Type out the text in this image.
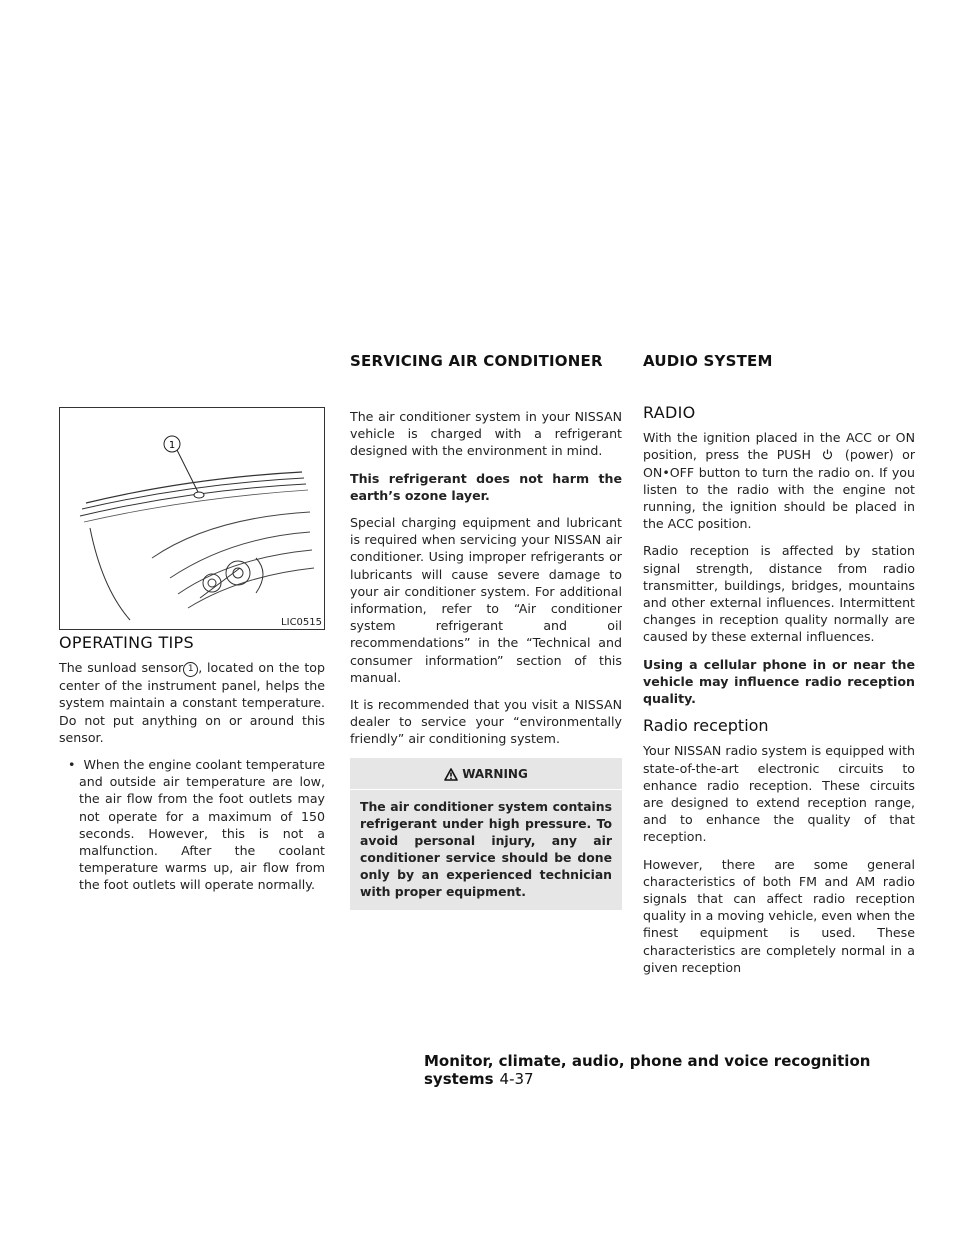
SERVICING AIR CONDITIONER	AUDIO SYSTEM
1
LIC0515
OPERATING TIPS

The sunload sensor 1 , located on the top center of the instrument panel, helps the system maintain a constant temperature. Do not put anything on or around this sensor.

•  When the engine coolant temperature and outside air temperature are low, the air flow from the foot outlets may not operate for a maximum of 150 seconds. However, this is not a malfunction. After the coolant temperature warms up, air flow from the foot outlets will operate normally.

The air conditioner system in your NISSAN vehicle is charged with a refrigerant designed with the environment in mind.

This refrigerant does not harm the earth’s ozone layer.

Special charging equipment and lubricant is required when servicing your NISSAN air conditioner. Using improper refrigerants or lubricants will cause severe damage to your air conditioner system. For additional information, refer to “Air conditioner system refrigerant and oil recommendations” in the “Technical and consumer information” section of this manual.

It is recommended that you visit a NISSAN dealer to service your “environmentally friendly” air conditioning system.

WARNING
The air conditioner system contains refrigerant under high pressure. To avoid personal injury, any air conditioner service should be done only by an experienced technician with proper equipment.
RADIO

With the ignition placed in the ACC or ON position, press the PUSH	(power) or ON•OFF button to turn the radio on. If you listen to the radio with the engine not running, the ignition should be placed in the ACC position.

Radio reception is affected by station signal strength, distance from radio transmitter, buildings, bridges, mountains and other external influences. Intermittent changes in reception quality normally are caused by these external influences.

Using a cellular phone in or near the vehicle may influence radio reception quality.

Radio reception

Your NISSAN radio system is equipped with state-of-the-art electronic circuits to enhance radio reception. These circuits are designed to extend reception range, and to enhance the quality of that reception.

However, there are some general characteristics of both FM and AM radio signals that can affect radio reception quality in a moving vehicle, even when the finest equipment is used. These characteristics are completely normal in a given reception

Monitor, climate, audio, phone and voice recognition systems 4-37
